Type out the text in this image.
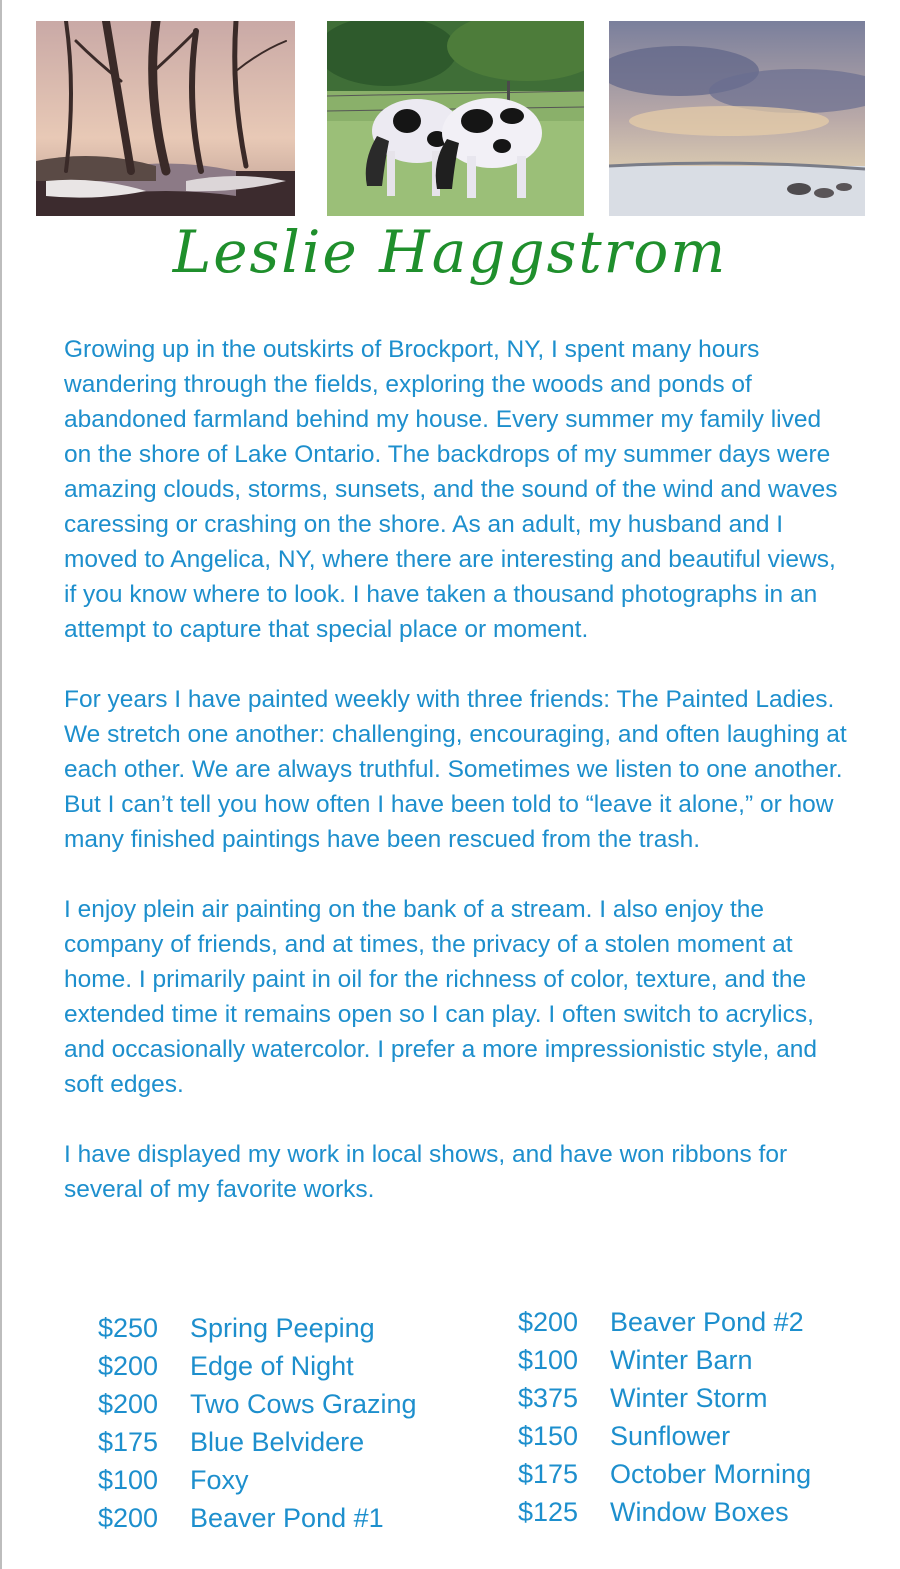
Leslie Haggstrom

Growing up in the outskirts of Brockport, NY, I spent many hours wandering through the fields, exploring the woods and ponds of abandoned farmland behind my house. Every summer my family lived on the shore of Lake Ontario. The backdrops of my summer days were amazing clouds, storms, sunsets, and the sound of the wind and waves caressing or crashing on the shore. As an adult, my husband and I moved to Angelica, NY, where there are interesting and beautiful views, if you know where to look. I have taken a thousand photographs in an attempt to capture that special place or moment.

For years I have painted weekly with three friends: The Painted Ladies. We stretch one another: challenging, encouraging, and often laughing at each other. We are always truthful. Sometimes we listen to one another. But I can’t tell you how often I have been told to “leave it alone,” or how many finished paintings have been rescued from the trash.

I enjoy plein air painting on the bank of a stream. I also enjoy the company of friends, and at times, the privacy of a stolen moment at home. I primarily paint in oil for the richness of color, texture, and the extended time it remains open so I can play. I often switch to acrylics, and occasionally watercolor. I prefer a more impressionistic style, and soft edges.

I have displayed my work in local shows, and have won ribbons for several of my favorite works.

$250 Spring Peeping
$200 Edge of Night
$200 Two Cows Grazing
$175 Blue Belvidere
$100 Foxy
$200 Beaver Pond #1
$200 Beaver Pond #2
$100 Winter Barn
$375 Winter Storm
$150 Sunflower
$175 October Morning
$125 Window Boxes
